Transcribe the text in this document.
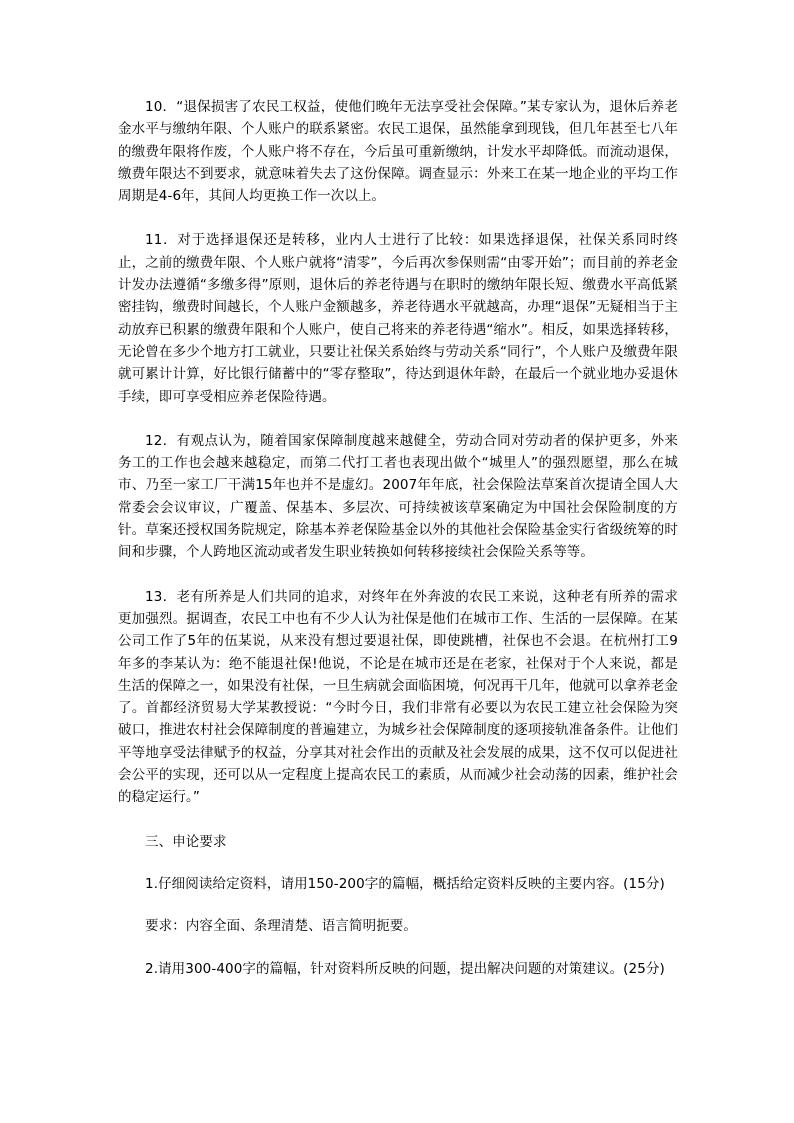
10．“退保损害了农民工权益，使他们晚年无法享受社会保障。”某专家认为，退休后养老金水平与缴纳年限、个人账户的联系紧密。农民工退保，虽然能拿到现钱，但几年甚至七八年的缴费年限将作废，个人账户将不存在，今后虽可重新缴纳，计发水平却降低。而流动退保，缴费年限达不到要求，就意味着失去了这份保障。调查显示：外来工在某一地企业的平均工作周期是4-6年，其间人均更换工作一次以上。

11．对于选择退保还是转移，业内人士进行了比较：如果选择退保，社保关系同时终止，之前的缴费年限、个人账户就将“清零”，今后再次参保则需“由零开始”；而目前的养老金计发办法遵循“多缴多得”原则，退休后的养老待遇与在职时的缴纳年限长短、缴费水平高低紧密挂钩，缴费时间越长，个人账户金额越多，养老待遇水平就越高，办理“退保”无疑相当于主动放弃已积累的缴费年限和个人账户，使自己将来的养老待遇“缩水”。相反，如果选择转移，无论曾在多少个地方打工就业，只要让社保关系始终与劳动关系“同行”，个人账户及缴费年限就可累计计算，好比银行储蓄中的“零存整取”，待达到退休年龄，在最后一个就业地办妥退休手续，即可享受相应养老保险待遇。

12．有观点认为，随着国家保障制度越来越健全，劳动合同对劳动者的保护更多，外来务工的工作也会越来越稳定，而第二代打工者也表现出做个“城里人”的强烈愿望，那么在城市、乃至一家工厂干满15年也并不是虚幻。2007年年底，社会保险法草案首次提请全国人大常委会会议审议，广覆盖、保基本、多层次、可持续被该草案确定为中国社会保险制度的方针。草案还授权国务院规定，除基本养老保险基金以外的其他社会保险基金实行省级统筹的时间和步骤，个人跨地区流动或者发生职业转换如何转移接续社会保险关系等等。

13．老有所养是人们共同的追求，对终年在外奔波的农民工来说，这种老有所养的需求更加强烈。据调查，农民工中也有不少人认为社保是他们在城市工作、生活的一层保障。在某公司工作了5年的伍某说，从来没有想过要退社保，即使跳槽，社保也不会退。在杭州打工9年多的李某认为：绝不能退社保!他说，不论是在城市还是在老家，社保对于个人来说，都是生活的保障之一，如果没有社保，一旦生病就会面临困境，何况再干几年，他就可以拿养老金了。首都经济贸易大学某教授说：“今时今日，我们非常有必要以为农民工建立社会保险为突破口，推进农村社会保障制度的普遍建立，为城乡社会保障制度的逐项接轨准备条件。让他们平等地享受法律赋予的权益，分享其对社会作出的贡献及社会发展的成果，这不仅可以促进社会公平的实现，还可以从一定程度上提高农民工的素质，从而减少社会动荡的因素，维护社会的稳定运行。”

三、申论要求

1.仔细阅读给定资料，请用150-200字的篇幅，概括给定资料反映的主要内容。(15分)

要求：内容全面、条理清楚、语言简明扼要。

2.请用300-400字的篇幅，针对资料所反映的问题，提出解决问题的对策建议。(25分)
